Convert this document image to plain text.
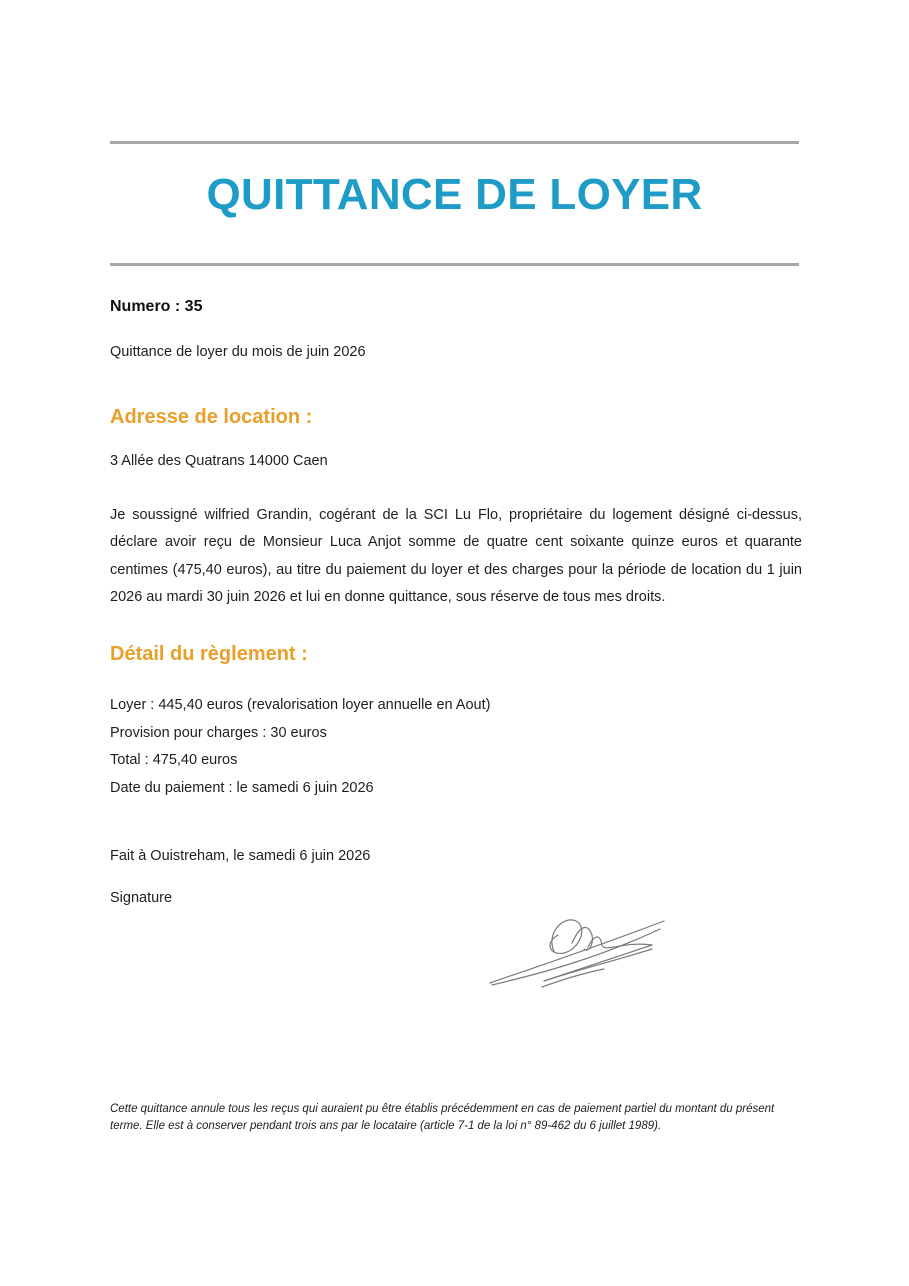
QUITTANCE DE LOYER
Numero : 35
Quittance de loyer du mois de juin 2026
Adresse de location :
3 Allée des Quatrans 14000 Caen
Je soussigné wilfried Grandin, cogérant de la SCI Lu Flo, propriétaire du logement désigné ci-dessus, déclare avoir reçu de Monsieur Luca Anjot somme de quatre cent soixante quinze euros et quarante centimes (475,40 euros), au titre du paiement du loyer et des charges pour la période de location du 1 juin 2026 au mardi 30 juin 2026 et lui en donne quittance, sous réserve de tous mes droits.
Détail du règlement :
Loyer : 445,40 euros (revalorisation loyer annuelle en Aout)
Provision pour charges : 30 euros
Total : 475,40 euros
Date du paiement : le samedi 6 juin 2026
Fait à Ouistreham, le samedi 6 juin 2026
Signature
Cette quittance annule tous les reçus qui auraient pu être établis précédemment en cas de paiement partiel du montant du présent terme. Elle est à conserver pendant trois ans par le locataire (article 7-1 de la loi n° 89-462 du 6 juillet 1989).
